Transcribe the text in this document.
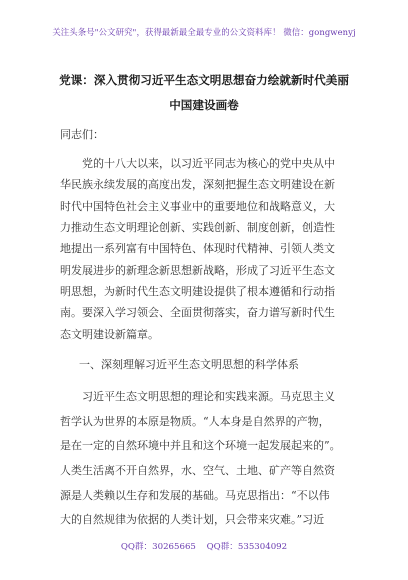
关注头条号"公文研究"，获得最新最全最专业的公文资料库！ 微信：gongwenyj
党课：深入贯彻习近平生态文明思想奋力绘就新时代美丽
中国建设画卷
同志们：
党的十八大以来，以习近平同志为核心的党中央从中
华民族永续发展的高度出发，深刻把握生态文明建设在新
时代中国特色社会主义事业中的重要地位和战略意义，大
力推动生态文明理论创新、实践创新、制度创新，创造性
地提出一系列富有中国特色、体现时代精神、引领人类文
明发展进步的新理念新思想新战略，形成了习近平生态文
明思想，为新时代生态文明建设提供了根本遵循和行动指
南。要深入学习领会、全面贯彻落实，奋力谱写新时代生
态文明建设新篇章。
一、深刻理解习近平生态文明思想的科学体系
习近平生态文明思想的理论和实践来源。马克思主义
哲学认为世界的本原是物质。“人本身是自然界的产物，
是在一定的自然环境中并且和这个环境一起发展起来的”。
人类生活离不开自然界，水、空气、土地、矿产等自然资
源是人类赖以生存和发展的基础。马克思指出：“不以伟
大的自然规律为依据的人类计划，只会带来灾难。”习近
QQ群：30265665 QQ群：535304092
